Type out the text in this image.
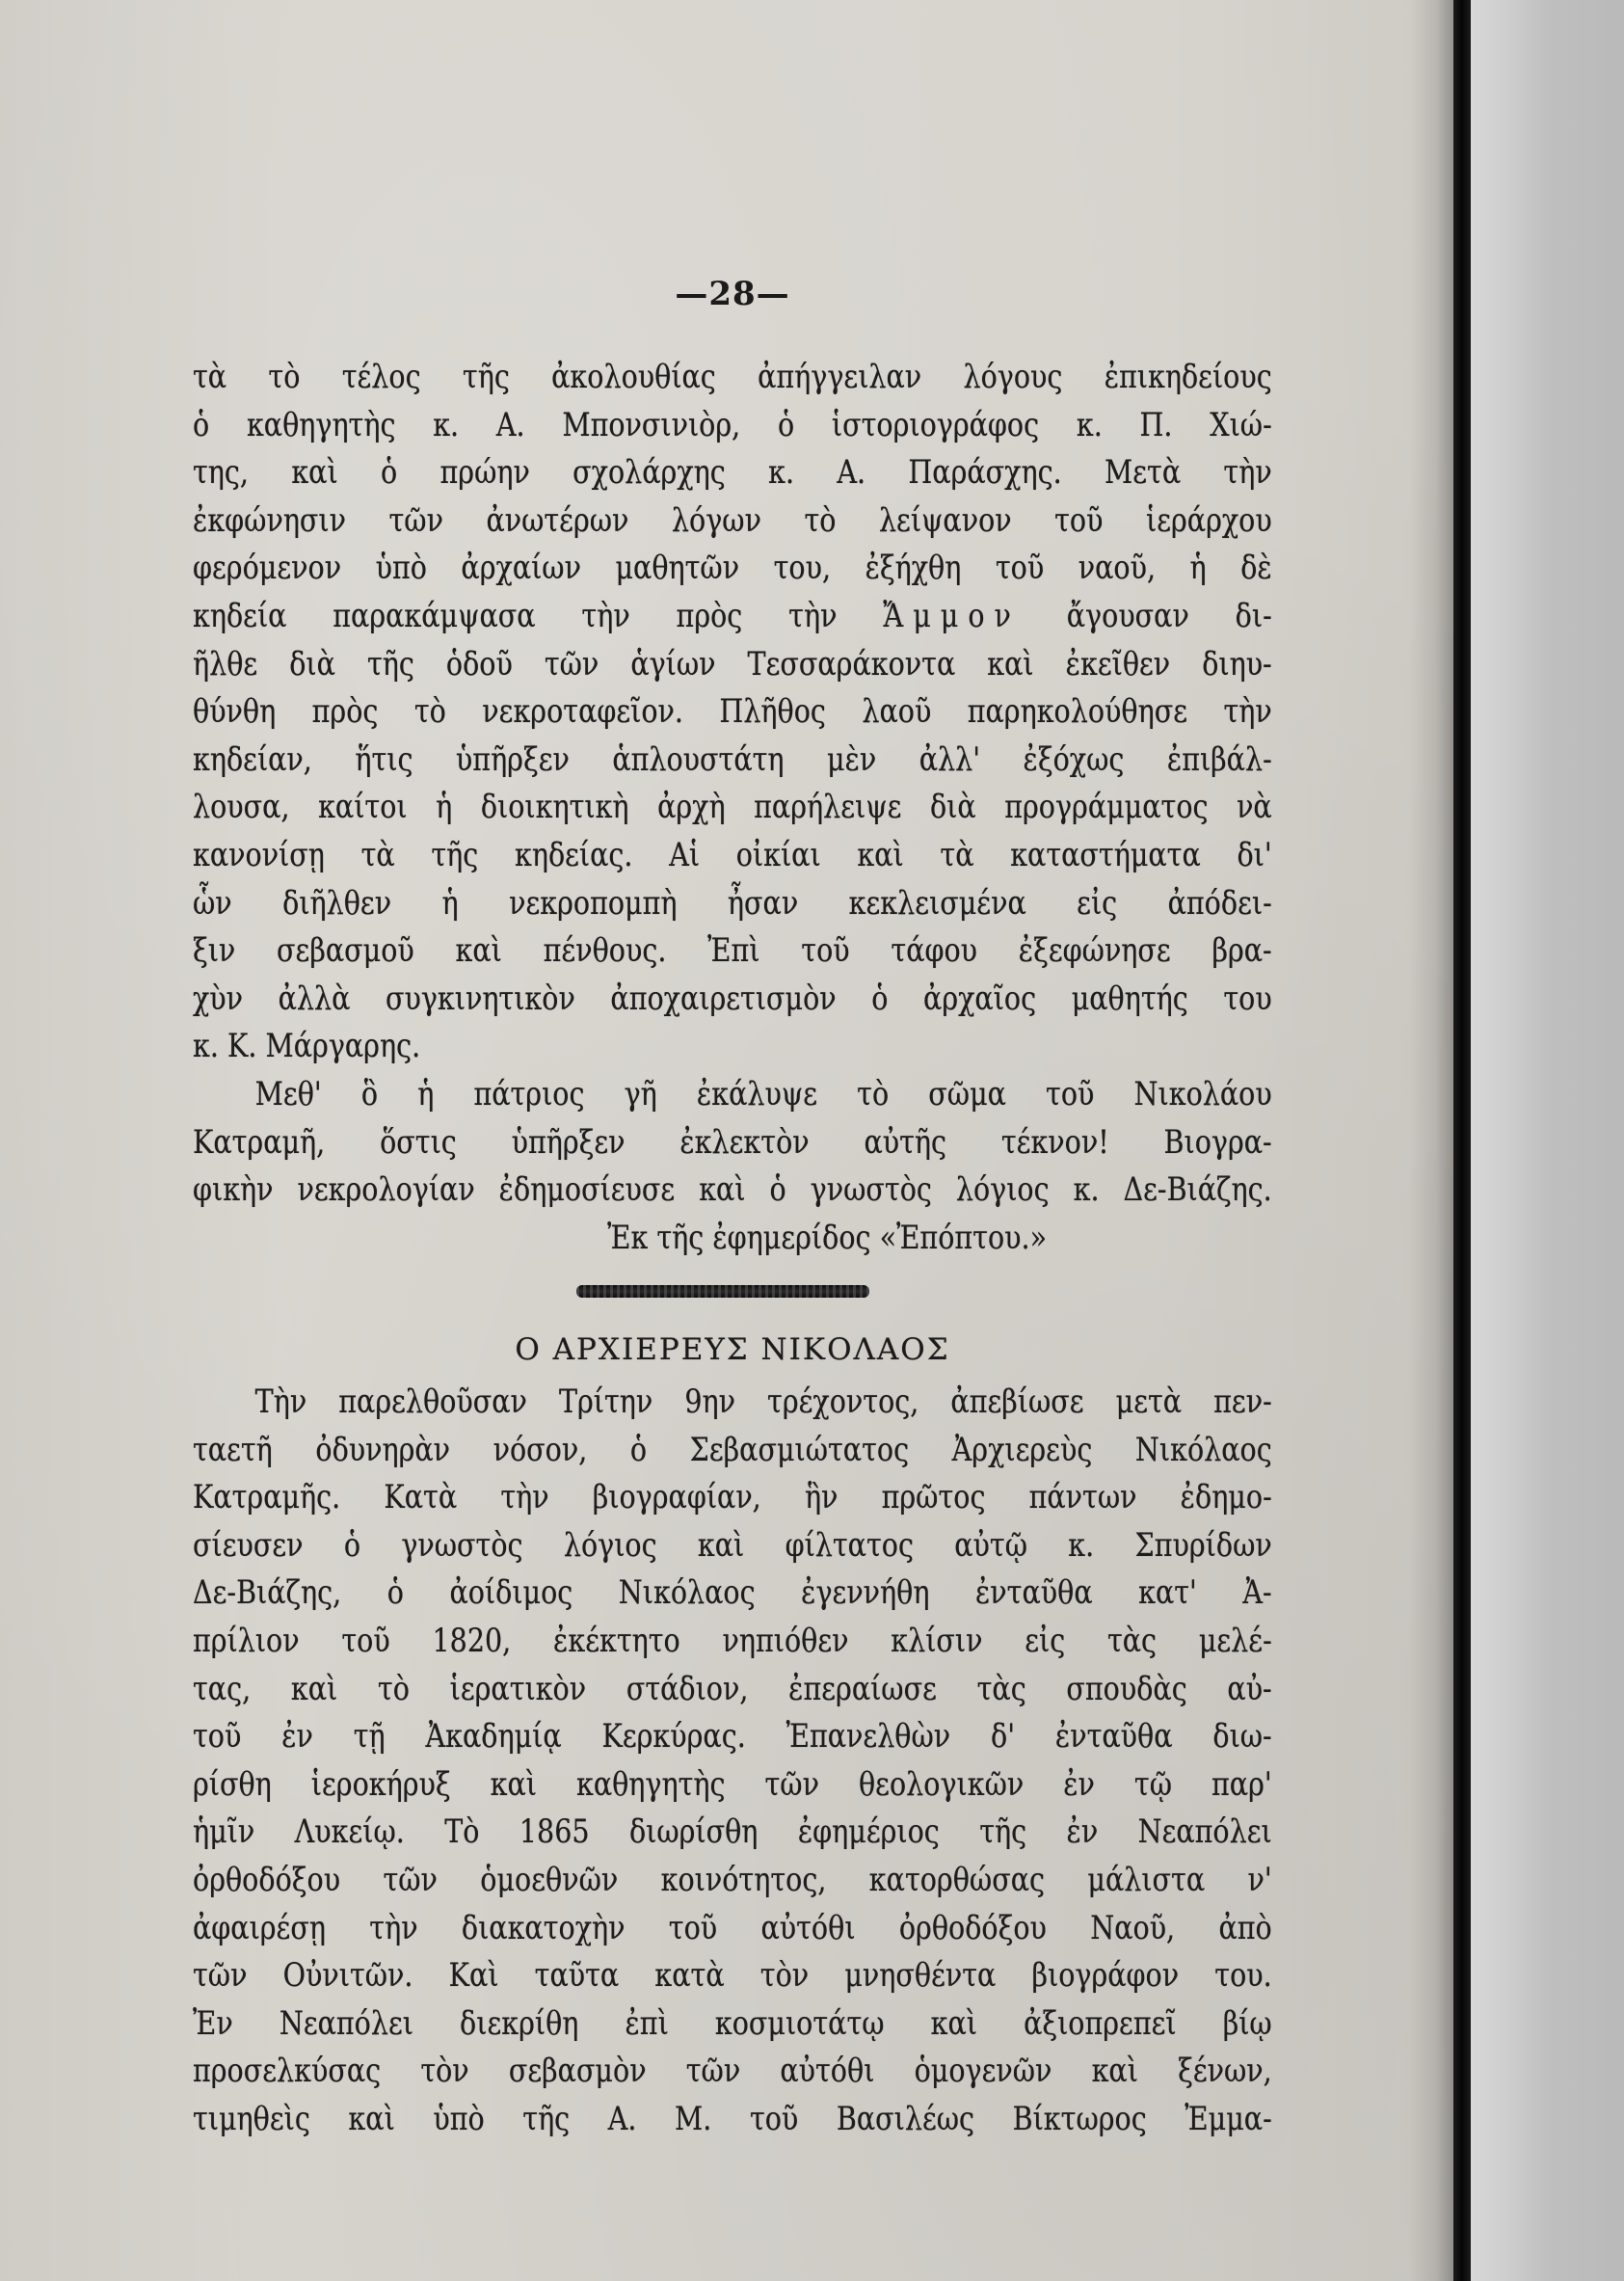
—28—
τὰ τὸ τέλος τῆς ἀκολουθίας ἀπήγγειλαν λόγους ἐπικηδείους
ὁ καθηγητὴς κ. Α. Μπονσινιὸρ, ὁ ἱστοριογράφος κ. Π. Χιώ-
της, καὶ ὁ πρώην σχολάρχης κ. Α. Παράσχης. Μετὰ τὴν
ἐκφώνησιν τῶν ἀνωτέρων λόγων τὸ λείψανον τοῦ ἱεράρχου
φερόμενον ὑπὸ ἀρχαίων μαθητῶν του, ἐξήχθη τοῦ ναοῦ, ἡ δὲ
κηδεία παρακάμψασα τὴν πρὸς τὴν Ἄμμον ἄγουσαν δι-
ῆλθε διὰ τῆς ὁδοῦ τῶν ἁγίων Τεσσαράκοντα καὶ ἐκεῖθεν διηυ-
θύνθη πρὸς τὸ νεκροταφεῖον. Πλῆθος λαοῦ παρηκολούθησε τὴν
κηδείαν, ἥτις ὑπῆρξεν ἁπλουστάτη μὲν ἀλλ' ἐξόχως ἐπιβάλ-
λουσα, καίτοι ἡ διοικητικὴ ἀρχὴ παρήλειψε διὰ προγράμματος νὰ
κανονίσῃ τὰ τῆς κηδείας. Αἱ οἰκίαι καὶ τὰ καταστήματα δι'
ὧν διῆλθεν ἡ νεκροπομπὴ ἦσαν κεκλεισμένα εἰς ἀπόδει-
ξιν σεβασμοῦ καὶ πένθους. Ἐπὶ τοῦ τάφου ἐξεφώνησε βρα-
χὺν ἀλλὰ συγκινητικὸν ἀποχαιρετισμὸν ὁ ἀρχαῖος μαθητής του
κ. Κ. Μάργαρης.
Μεθ' ὃ ἡ πάτριος γῆ ἐκάλυψε τὸ σῶμα τοῦ Νικολάου
Κατραμῆ, ὅστις ὑπῆρξεν ἐκλεκτὸν αὐτῆς τέκνον! Βιογρα-
φικὴν νεκρολογίαν ἐδημοσίευσε καὶ ὁ γνωστὸς λόγιος κ. Δε-Βιάζης.
Ἐκ τῆς ἐφημερίδος «Ἐπόπτου.»
Ο ΑΡΧΙΕΡΕΥΣ ΝΙΚΟΛΑΟΣ
Τὴν παρελθοῦσαν Τρίτην 9ην τρέχοντος, ἀπεβίωσε μετὰ πεν-
ταετῆ ὀδυνηρὰν νόσον, ὁ Σεβασμιώτατος Ἀρχιερεὺς Νικόλαος
Κατραμῆς. Κατὰ τὴν βιογραφίαν, ἣν πρῶτος πάντων ἐδημο-
σίευσεν ὁ γνωστὸς λόγιος καὶ φίλτατος αὐτῷ κ. Σπυρίδων
Δε-Βιάζης, ὁ ἀοίδιμος Νικόλαος ἐγεννήθη ἐνταῦθα κατ' Ἀ-
πρίλιον τοῦ 1820, ἐκέκτητο νηπιόθεν κλίσιν εἰς τὰς μελέ-
τας, καὶ τὸ ἱερατικὸν στάδιον, ἐπεραίωσε τὰς σπουδὰς αὐ-
τοῦ ἐν τῇ Ἀκαδημίᾳ Κερκύρας. Ἐπανελθὼν δ' ἐνταῦθα διω-
ρίσθη ἱεροκήρυξ καὶ καθηγητὴς τῶν θεολογικῶν ἐν τῷ παρ'
ἡμῖν Λυκείῳ. Τὸ 1865 διωρίσθη ἐφημέριος τῆς ἐν Νεαπόλει
ὀρθοδόξου τῶν ὁμοεθνῶν κοινότητος, κατορθώσας μάλιστα ν'
ἀφαιρέσῃ τὴν διακατοχὴν τοῦ αὐτόθι ὀρθοδόξου Ναοῦ, ἀπὸ
τῶν Οὐνιτῶν. Καὶ ταῦτα κατὰ τὸν μνησθέντα βιογράφον του.
Ἐν Νεαπόλει διεκρίθη ἐπὶ κοσμιοτάτῳ καὶ ἀξιοπρεπεῖ βίῳ
προσελκύσας τὸν σεβασμὸν τῶν αὐτόθι ὁμογενῶν καὶ ξένων,
τιμηθεὶς καὶ ὑπὸ τῆς Α. Μ. τοῦ Βασιλέως Βίκτωρος Ἐμμα-
